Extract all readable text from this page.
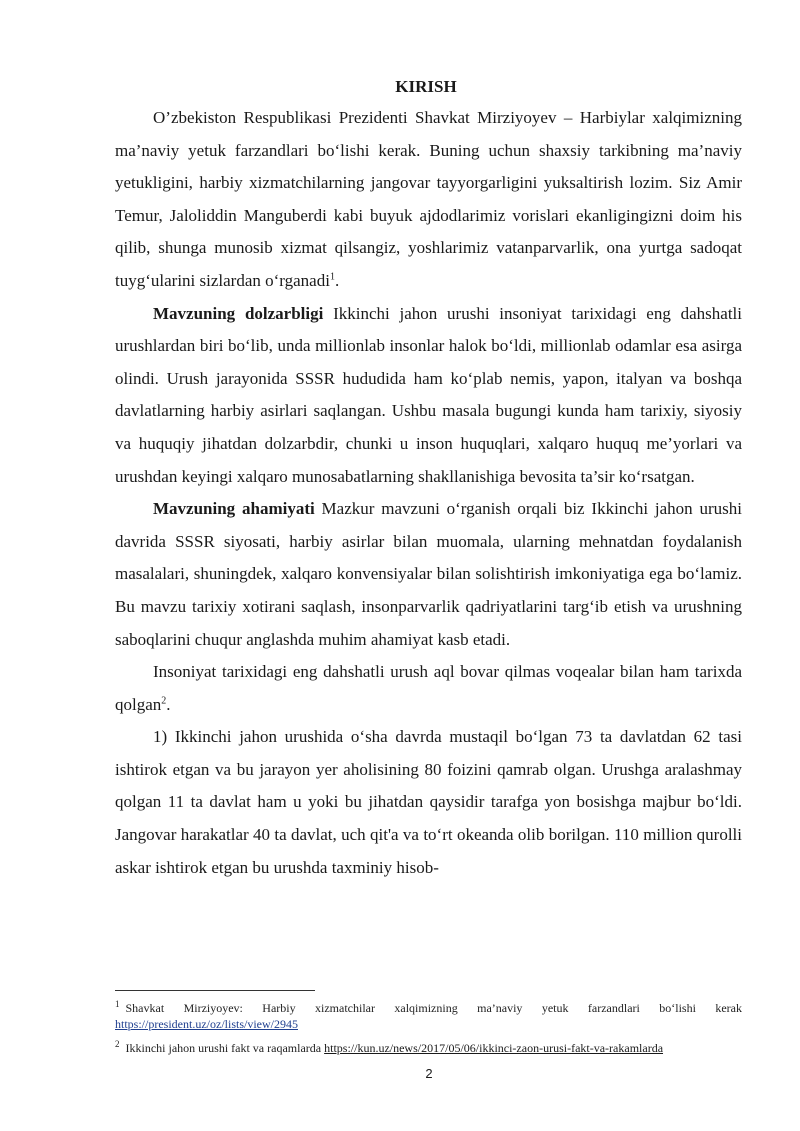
KIRISH

O’zbekiston Respublikasi Prezidenti Shavkat Mirziyoyev – Harbiylar xalqimizning ma’naviy yetuk farzandlari bo‘lishi kerak. Buning uchun shaxsiy tarkibning ma’naviy yetukligini, harbiy xizmatchilarning jangovar tayyorgarligini yuksaltirish lozim. Siz Amir Temur, Jaloliddin Manguberdi kabi buyuk ajdodlarimiz vorislari ekanligingizni doim his qilib, shunga munosib xizmat qilsangiz, yoshlarimiz vatanparvarlik, ona yurtga sadoqat tuyg‘ularini sizlardan o‘rganadi$^1$.

Mavzuning dolzarbligi Ikkinchi jahon urushi insoniyat tarixidagi eng dahshatli urushlardan biri bo‘lib, unda millionlab insonlar halok bo‘ldi, millionlab odamlar esa asirga olindi. Urush jarayonida SSSR hududida ham ko‘plab nemis, yapon, italyan va boshqa davlatlarning harbiy asirlari saqlangan. Ushbu masala bugungi kunda ham tarixiy, siyosiy va huquqiy jihatdan dolzarbdir, chunki u inson huquqlari, xalqaro huquq me’yorlari va urushdan keyingi xalqaro munosabatlarning shakllanishiga bevosita ta’sir ko‘rsatgan.

Mavzuning ahamiyati Mazkur mavzuni o‘rganish orqali biz Ikkinchi jahon urushi davrida SSSR siyosati, harbiy asirlar bilan muomala, ularning mehnatdan foydalanish masalalari, shuningdek, xalqaro konvensiyalar bilan solishtirish imkoniyatiga ega bo‘lamiz. Bu mavzu tarixiy xotirani saqlash, insonparvarlik qadriyatlarini targ‘ib etish va urushning saboqlarini chuqur anglashda muhim ahamiyat kasb etadi.

Insoniyat tarixidagi eng dahshatli urush aql bovar qilmas voqealar bilan ham tarixda qolgan$^2$.

1) Ikkinchi jahon urushida o‘sha davrda mustaqil bo‘lgan 73 ta davlatdan 62 tasi ishtirok etgan va bu jarayon yer aholisining 80 foizini qamrab olgan. Urushga aralashmay qolgan 11 ta davlat ham u yoki bu jihatdan qaysidir tarafga yon bosishga majbur bo‘ldi. Jangovar harakatlar 40 ta davlat, uch qit'a va to‘rt okeanda olib borilgan. 110 million qurolli askar ishtirok etgan bu urushda taxminiy hisob-

$^1$ Shavkat Mirziyoyev: Harbiy xizmatchilar xalqimizning ma’naviy yetuk farzandlari bo‘lishi kerak https://president.uz/oz/lists/view/2945

$^2$ Ikkinchi jahon urushi fakt va raqamlarda https://kun.uz/news/2017/05/06/ikkinci-zaon-urusi-fakt-va-rakamlarda

2
